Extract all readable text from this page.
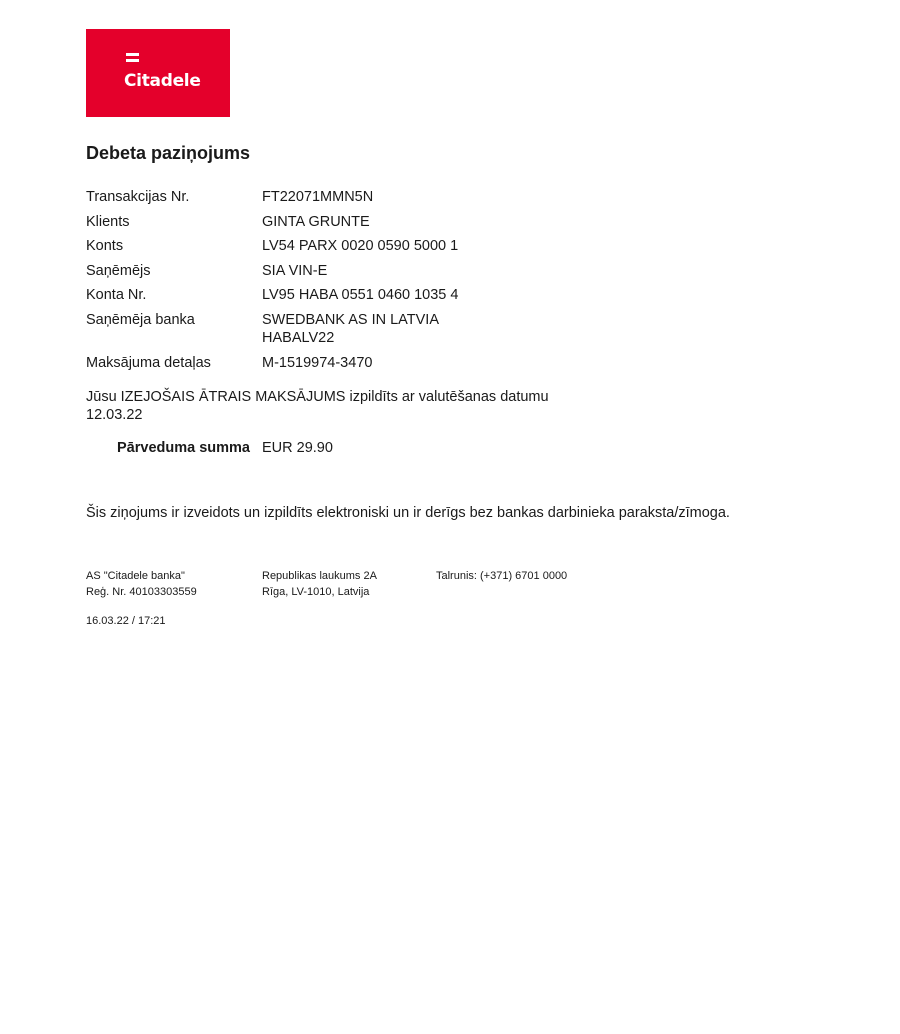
Citadele
Debeta paziņojums
Transakcijas Nr.	FT22071MMN5N
Klients	GINTA GRUNTE
Konts	LV54 PARX 0020 0590 5000 1
Saņēmējs	SIA VIN-E
Konta Nr.	LV95 HABA 0551 0460 1035 4
Saņēmēja banka	SWEDBANK AS IN LATVIA
HABALV22
Maksājuma detaļas	M-1519974-3470
Jūsu IZEJOŠAIS ĀTRAIS MAKSĀJUMS izpildīts ar valutēšanas datumu
12.03.22
Pārveduma summa EUR 29.90
Šis ziņojums ir izveidots un izpildīts elektroniski un ir derīgs bez bankas darbinieka paraksta/zīmoga.
AS "Citadele banka"
Reģ. Nr. 40103303559
Republikas laukums 2A
Rīga, LV-1010, Latvija
Talrunis: (+371) 6701 0000
16.03.22 / 17:21
